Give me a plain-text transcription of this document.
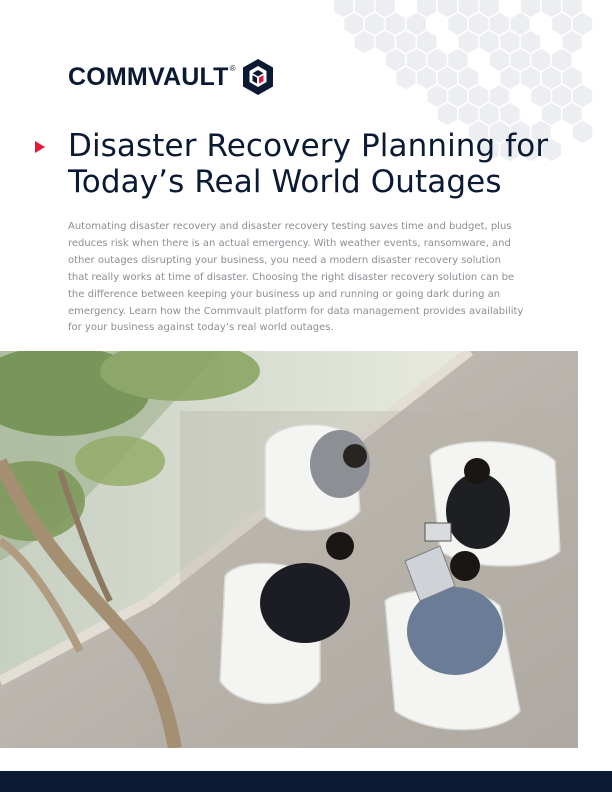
COMMVAULT ®
Disaster Recovery Planning for
Today’s Real World Outages

Automating disaster recovery and disaster recovery testing saves time and budget, plus
reduces risk when there is an actual emergency. With weather events, ransomware, and
other outages disrupting your business, you need a modern disaster recovery solution
that really works at time of disaster. Choosing the right disaster recovery solution can be
the difference between keeping your business up and running or going dark during an
emergency. Learn how the Commvault platform for data management provides availability
for your business against today’s real world outages.
